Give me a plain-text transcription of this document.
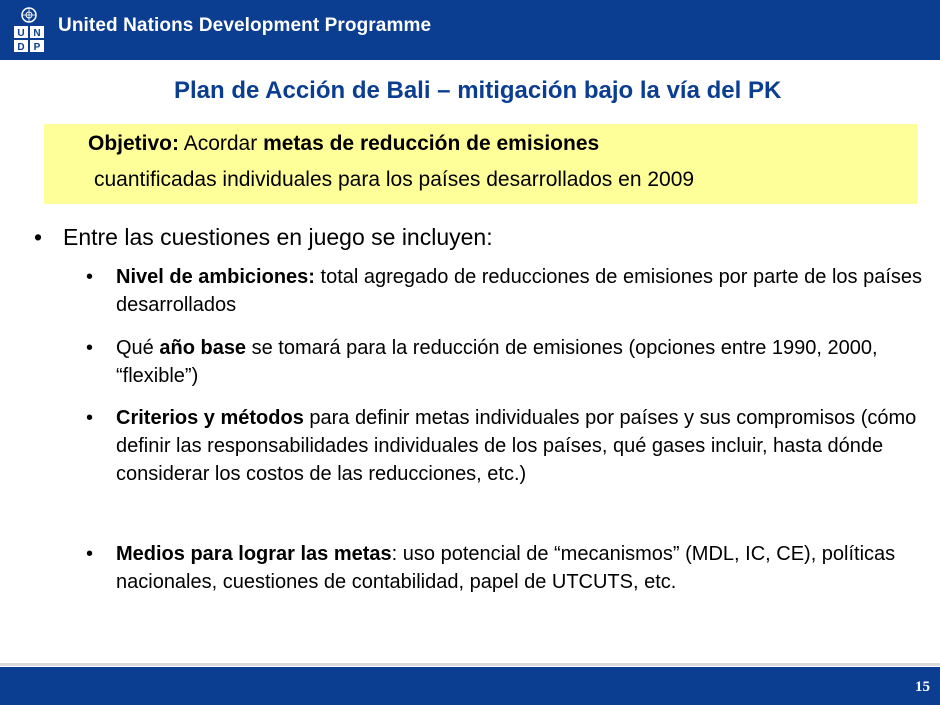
U N
D P
United Nations Development Programme
Plan de Acción de Bali – mitigación bajo la vía del PK
Objetivo: Acordar metas de reducción de emisiones
cuantificadas individuales para los países desarrollados en 2009
• Entre las cuestiones en juego se incluyen:
• Nivel de ambiciones: total agregado de reducciones de emisiones por parte de los países desarrollados
• Qué año base se tomará para la reducción de emisiones (opciones entre 1990, 2000, “flexible”)
• Criterios y métodos para definir metas individuales por países y sus compromisos (cómo definir las responsabilidades individuales de los países, qué gases incluir, hasta dónde considerar los costos de las reducciones, etc.)
• Medios para lograr las metas: uso potencial de “mecanismos” (MDL, IC, CE), políticas nacionales, cuestiones de contabilidad, papel de UTCUTS, etc.
15
